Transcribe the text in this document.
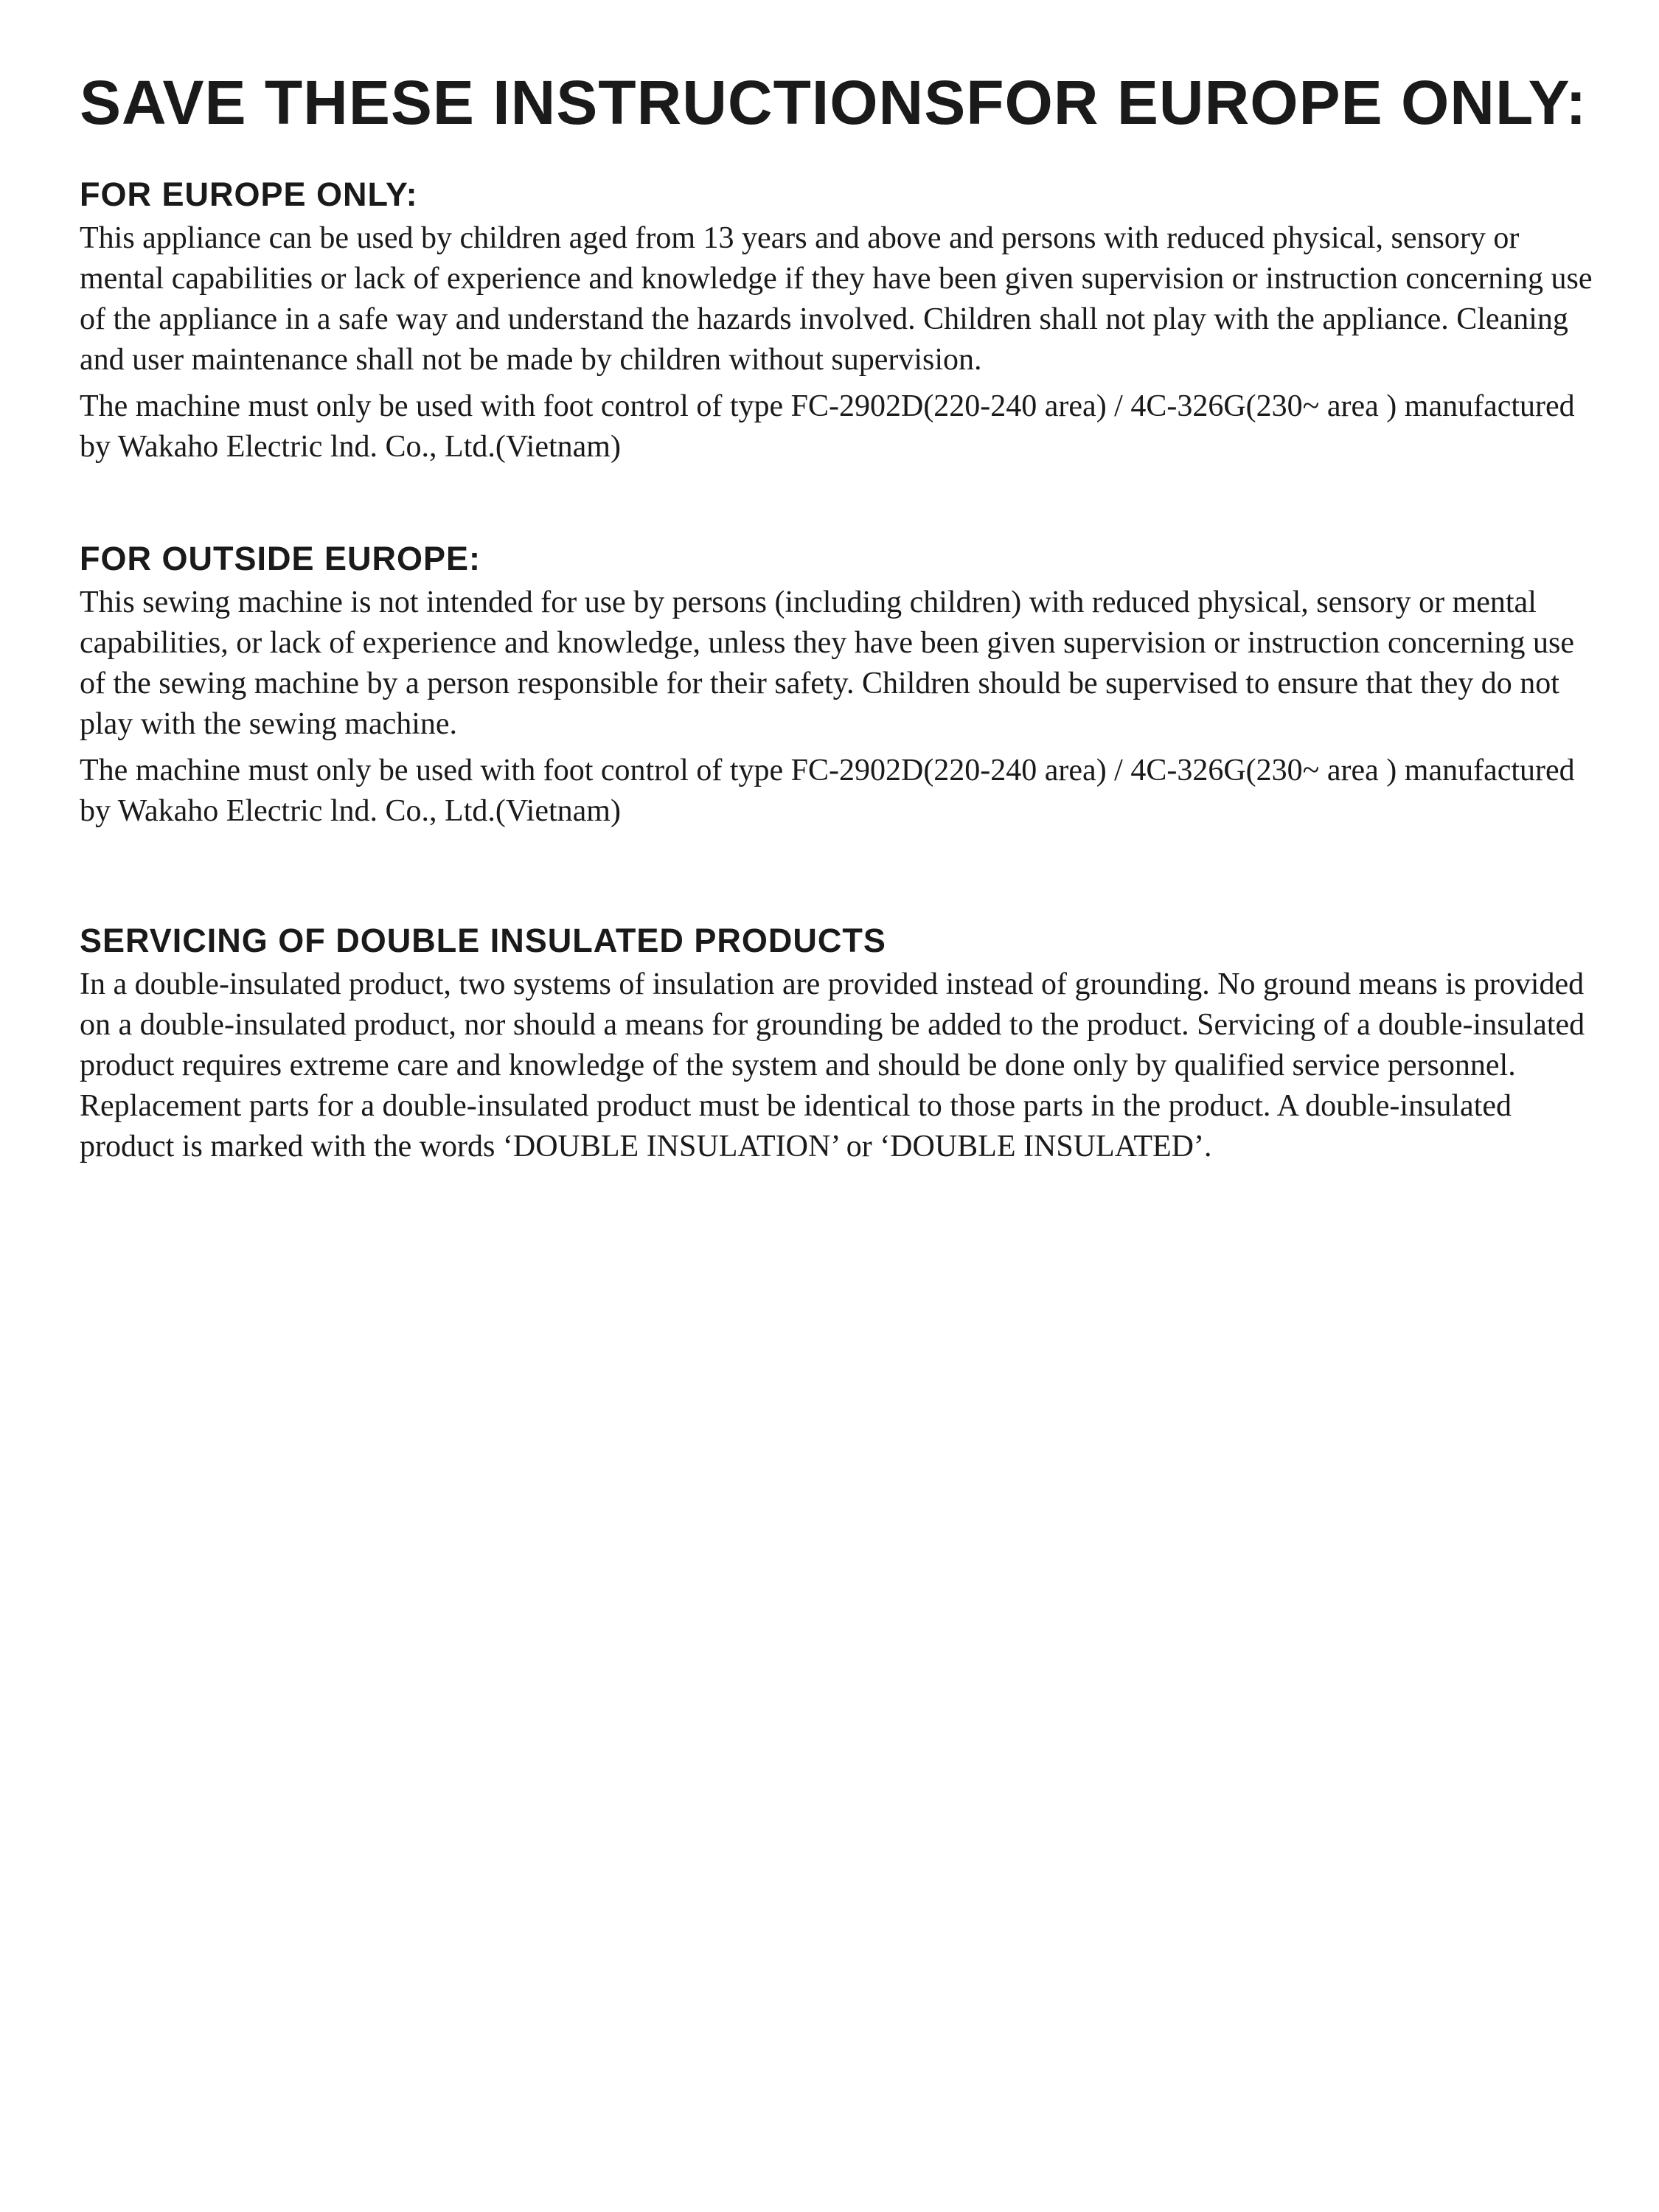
SAVE THESE INSTRUCTIONSFOR EUROPE ONLY:
FOR EUROPE ONLY:

This appliance can be used by children aged from 13 years and above and persons with reduced physical, sensory or mental capabilities or lack of experience and knowledge if they have been given supervision or instruction concerning use of the appliance in a safe way and understand the hazards involved. Children shall not play with the appliance. Cleaning and user maintenance shall not be made by children without supervision.

The machine must only be used with foot control of type FC-2902D(220-240 area) / 4C-326G(230~ area ) manufactured by Wakaho Electric lnd. Co., Ltd.(Vietnam)

FOR OUTSIDE EUROPE:

This sewing machine is not intended for use by persons (including children) with reduced physical, sensory or mental capabilities, or lack of experience and knowledge, unless they have been given supervision or instruction concerning use of the sewing machine by a person responsible for their safety. Children should be supervised to ensure that they do not play with the sewing machine.

The machine must only be used with foot control of type FC-2902D(220-240 area) / 4C-326G(230~ area ) manufactured by Wakaho Electric lnd. Co., Ltd.(Vietnam)

SERVICING OF DOUBLE INSULATED PRODUCTS

In a double-insulated product, two systems of insulation are provided instead of grounding. No ground means is provided on a double-insulated product, nor should a means for grounding be added to the product. Servicing of a double-insulated product requires extreme care and knowledge of the system and should be done only by qualified service personnel. Replacement parts for a double-insulated product must be identical to those parts in the product. A double-insulated product is marked with the words ‘DOUBLE INSULATION’ or ‘DOUBLE INSULATED’.
